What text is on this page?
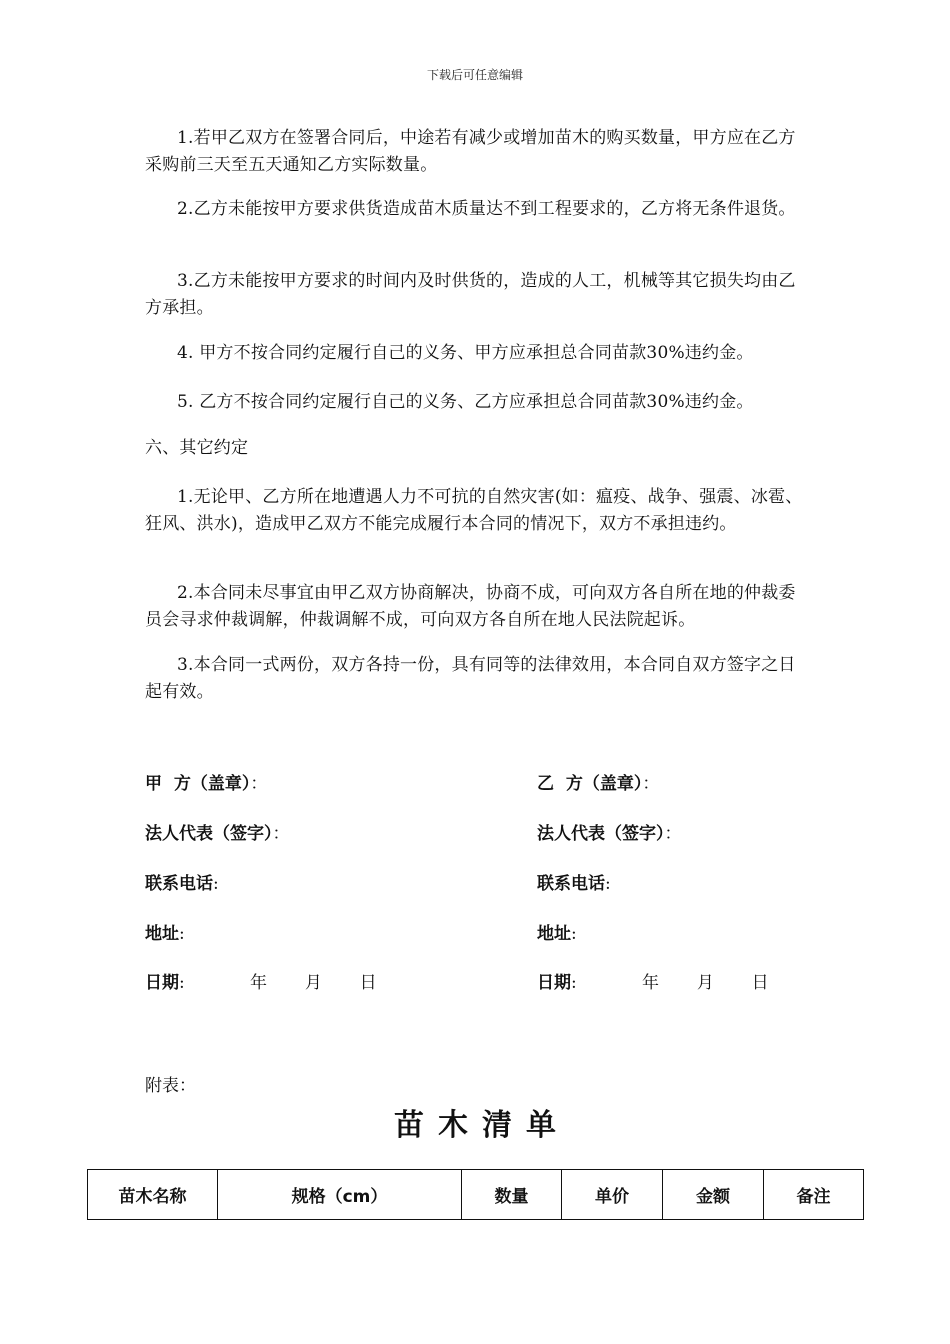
下载后可任意编辑

1.若甲乙双方在签署合同后，中途若有减少或增加苗木的购买数量，甲方应在乙方采购前三天至五天通知乙方实际数量。

2.乙方未能按甲方要求供货造成苗木质量达不到工程要求的，乙方将无条件退货。

3.乙方未能按甲方要求的时间内及时供货的，造成的人工，机械等其它损失均由乙方承担。

4. 甲方不按合同约定履行自己的义务、甲方应承担总合同苗款30%违约金。

5. 乙方不按合同约定履行自己的义务、乙方应承担总合同苗款30%违约金。

六、其它约定

1.无论甲、乙方所在地遭遇人力不可抗的自然灾害(如：瘟疫、战争、强震、冰雹、狂风、洪水)，造成甲乙双方不能完成履行本合同的情况下，双方不承担违约。

2.本合同未尽事宜由甲乙双方协商解决，协商不成，可向双方各自所在地的仲裁委员会寻求仲裁调解，仲裁调解不成，可向双方各自所在地人民法院起诉。

3.本合同一式两份，双方各持一份，具有同等的法律效用，本合同自双方签字之日起有效。

甲  方（盖章）：
法人代表（签字）：
联系电话:
地址:
日期:	年       月       日
乙  方（盖章）：
法人代表（签字）：
联系电话:
地址:
日期:	年       月       日
附表：
苗木清单
苗木名称	规格（cm）	数量	单价	金额	备注
